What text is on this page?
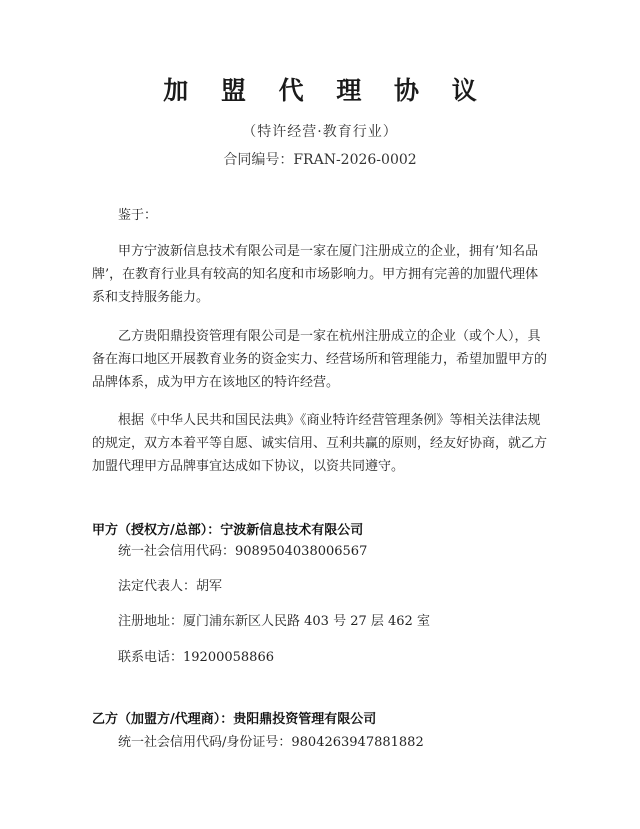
加 盟 代 理 协 议
（特许经营·教育行业）
合同编号：FRAN-2026-0002
鉴于：
甲方宁波新信息技术有限公司是一家在厦门注册成立的企业，拥有’知名品牌’，在教育行业具有较高的知名度和市场影响力。甲方拥有完善的加盟代理体系和支持服务能力。
乙方贵阳鼎投资管理有限公司是一家在杭州注册成立的企业（或个人），具备在海口地区开展教育业务的资金实力、经营场所和管理能力，希望加盟甲方的品牌体系，成为甲方在该地区的特许经营。
根据《中华人民共和国民法典》《商业特许经营管理条例》等相关法律法规的规定，双方本着平等自愿、诚实信用、互利共赢的原则，经友好协商，就乙方加盟代理甲方品牌事宜达成如下协议，以资共同遵守。
甲方（授权方/总部）：宁波新信息技术有限公司
统一社会信用代码：9089504038006567
法定代表人：胡军
注册地址：厦门浦东新区人民路 403 号 27 层 462 室
联系电话：19200058866
乙方（加盟方/代理商）：贵阳鼎投资管理有限公司
统一社会信用代码/身份证号：9804263947881882
